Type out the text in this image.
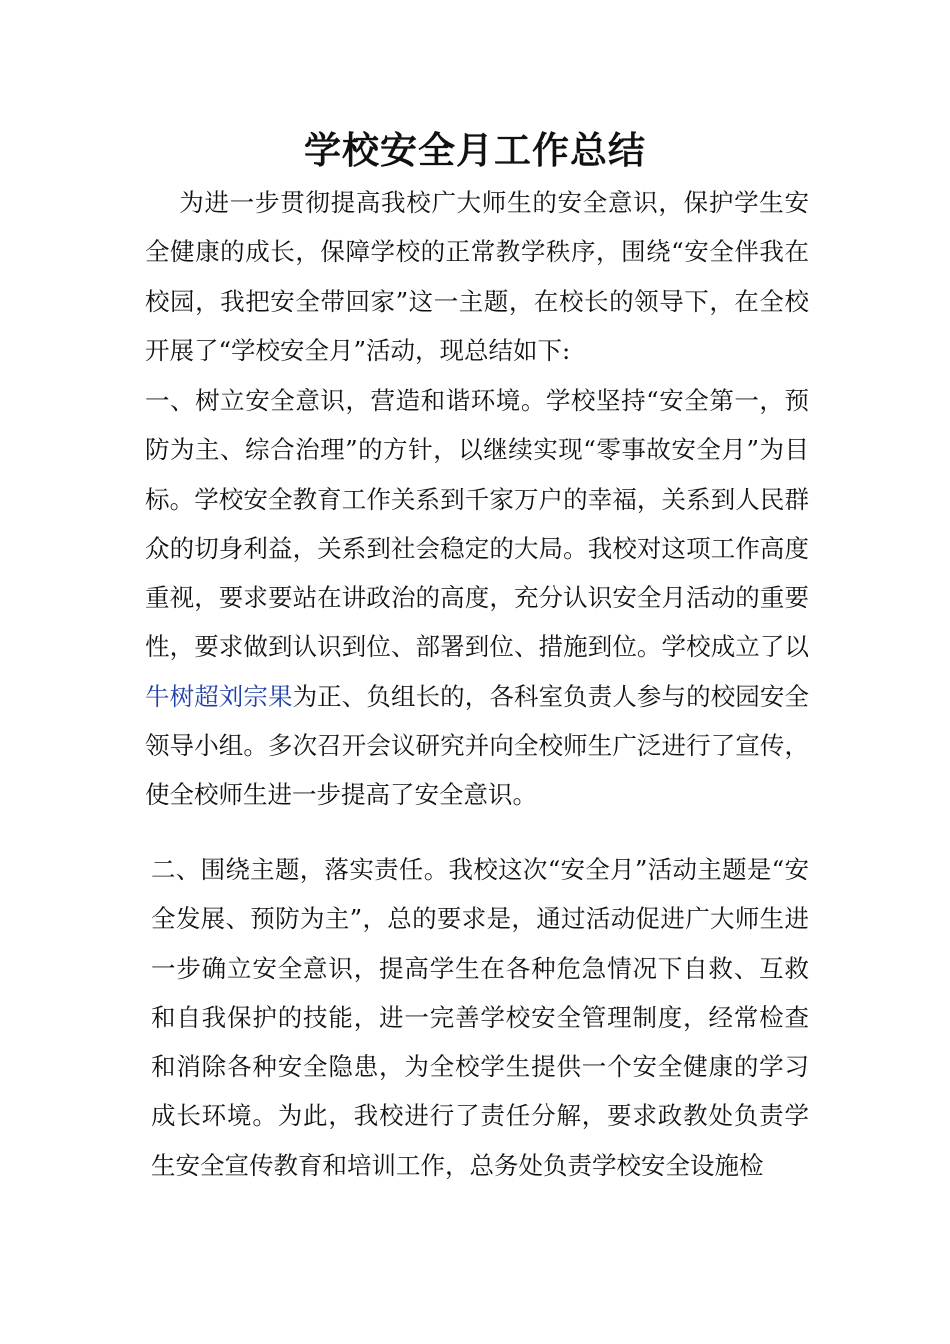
学校安全月工作总结

为进一步贯彻提高我校广大师生的安全意识，保护学生安全健康的成长，保障学校的正常教学秩序，围绕“安全伴我在校园，我把安全带回家”这一主题，在校长的领导下，在全校开展了“学校安全月”活动，现总结如下:

一、树立安全意识，营造和谐环境。学校坚持“安全第一，预防为主、综合治理”的方针，以继续实现“零事故安全月”为目标。学校安全教育工作关系到千家万户的幸福，关系到人民群众的切身利益，关系到社会稳定的大局。我校对这项工作高度重视，要求要站在讲政治的高度，充分认识安全月活动的重要性，要求做到认识到位、部署到位、措施到位。学校成立了以牛树超刘宗果为正、负组长的，各科室负责人参与的校园安全领导小组。多次召开会议研究并向全校师生广泛进行了宣传，使全校师生进一步提高了安全意识。

二、围绕主题，落实责任。我校这次“安全月”活动主题是“安全发展、预防为主”，总的要求是，通过活动促进广大师生进一步确立安全意识，提高学生在各种危急情况下自救、互救和自我保护的技能，进一完善学校安全管理制度，经常检查和消除各种安全隐患，为全校学生提供一个安全健康的学习成长环境。为此，我校进行了责任分解，要求政教处负责学生安全宣传教育和培训工作，总务处负责学校安全设施检
